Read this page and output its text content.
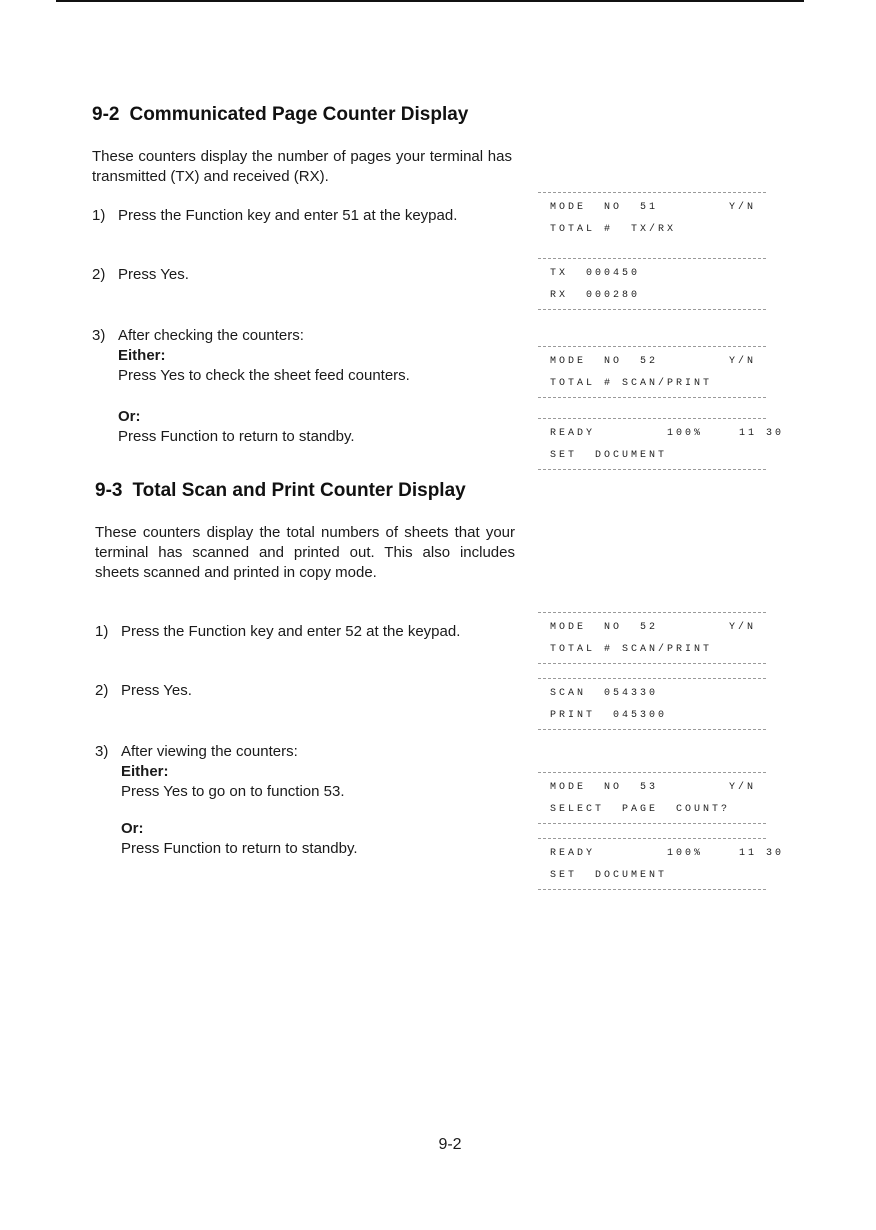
9-2 Communicated Page Counter Display

These counters display the number of pages your terminal has transmitted (TX) and received (RX).

1) Press the Function key and enter 51 at the keypad.

2) Press Yes.

3) After checking the counters:

Either:
Press Yes to check the sheet feed counters.

Or:
Press Function to return to standby.

MODE  NO  51	Y/N
TOTAL #  TX/RX
TX  000450
RX  000280
MODE  NO  52	Y/N
TOTAL # SCAN/PRINT
READY        100%    11 30
SET  DOCUMENT
9-3 Total Scan and Print Counter Display

These counters display the total numbers of sheets that your terminal has scanned and printed out. This also includes sheets scanned and printed in copy mode.

1) Press the Function key and enter 52 at the keypad.

2) Press Yes.

3) After viewing the counters:

Either:
Press Yes to go on to function 53.

Or:
Press Function to return to standby.

MODE  NO  52	Y/N
TOTAL # SCAN/PRINT
SCAN  054330
PRINT  045300
MODE  NO  53	Y/N
SELECT  PAGE  COUNT?
READY        100%    11 30
SET  DOCUMENT
9-2
